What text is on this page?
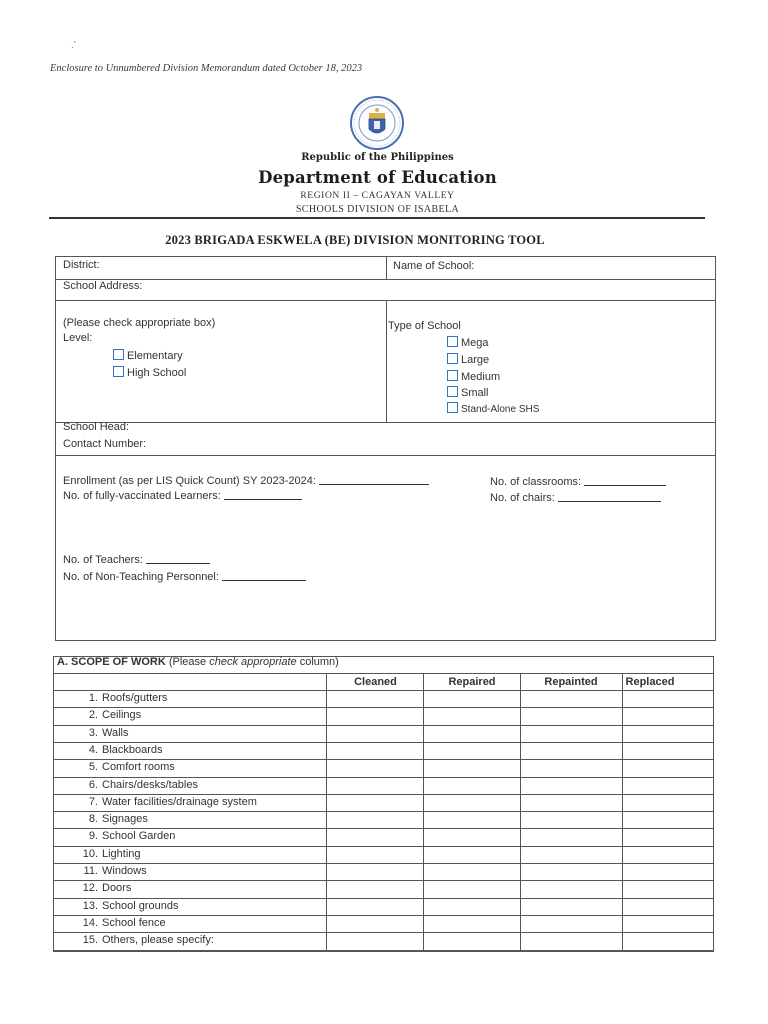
.’
Enclosure to Unnumbered Division Memorandum dated October 18, 2023
Republic of the Philippines
Department of Education
REGION II – CAGAYAN VALLEY
SCHOOLS DIVISION OF ISABELA
2023 BRIGADA ESKWELA (BE) DIVISION MONITORING TOOL
District:	Name of School:
School Address:
(Please check appropriate box)
Level:
Elementary
High School
Type of School
Mega
Large
Medium
Small
Stand-Alone SHS
School Head:
Contact Number:
Enrollment (as per LIS Quick Count) SY 2023-2024:
No. of fully-vaccinated Learners:
No. of classrooms:
No. of chairs:
No. of Teachers:
No. of Non-Teaching Personnel:
A. SCOPE OF WORK (Please check appropriate column)
Cleaned	Repaired	Repainted	Replaced
1. Roofs/gutters
2. Ceilings
3. Walls
4. Blackboards
5. Comfort rooms
6. Chairs/desks/tables
7. Water facilities/drainage system
8. Signages
9. School Garden
10. Lighting
11. Windows
12. Doors
13. School grounds
14. School fence
15. Others, please specify:
